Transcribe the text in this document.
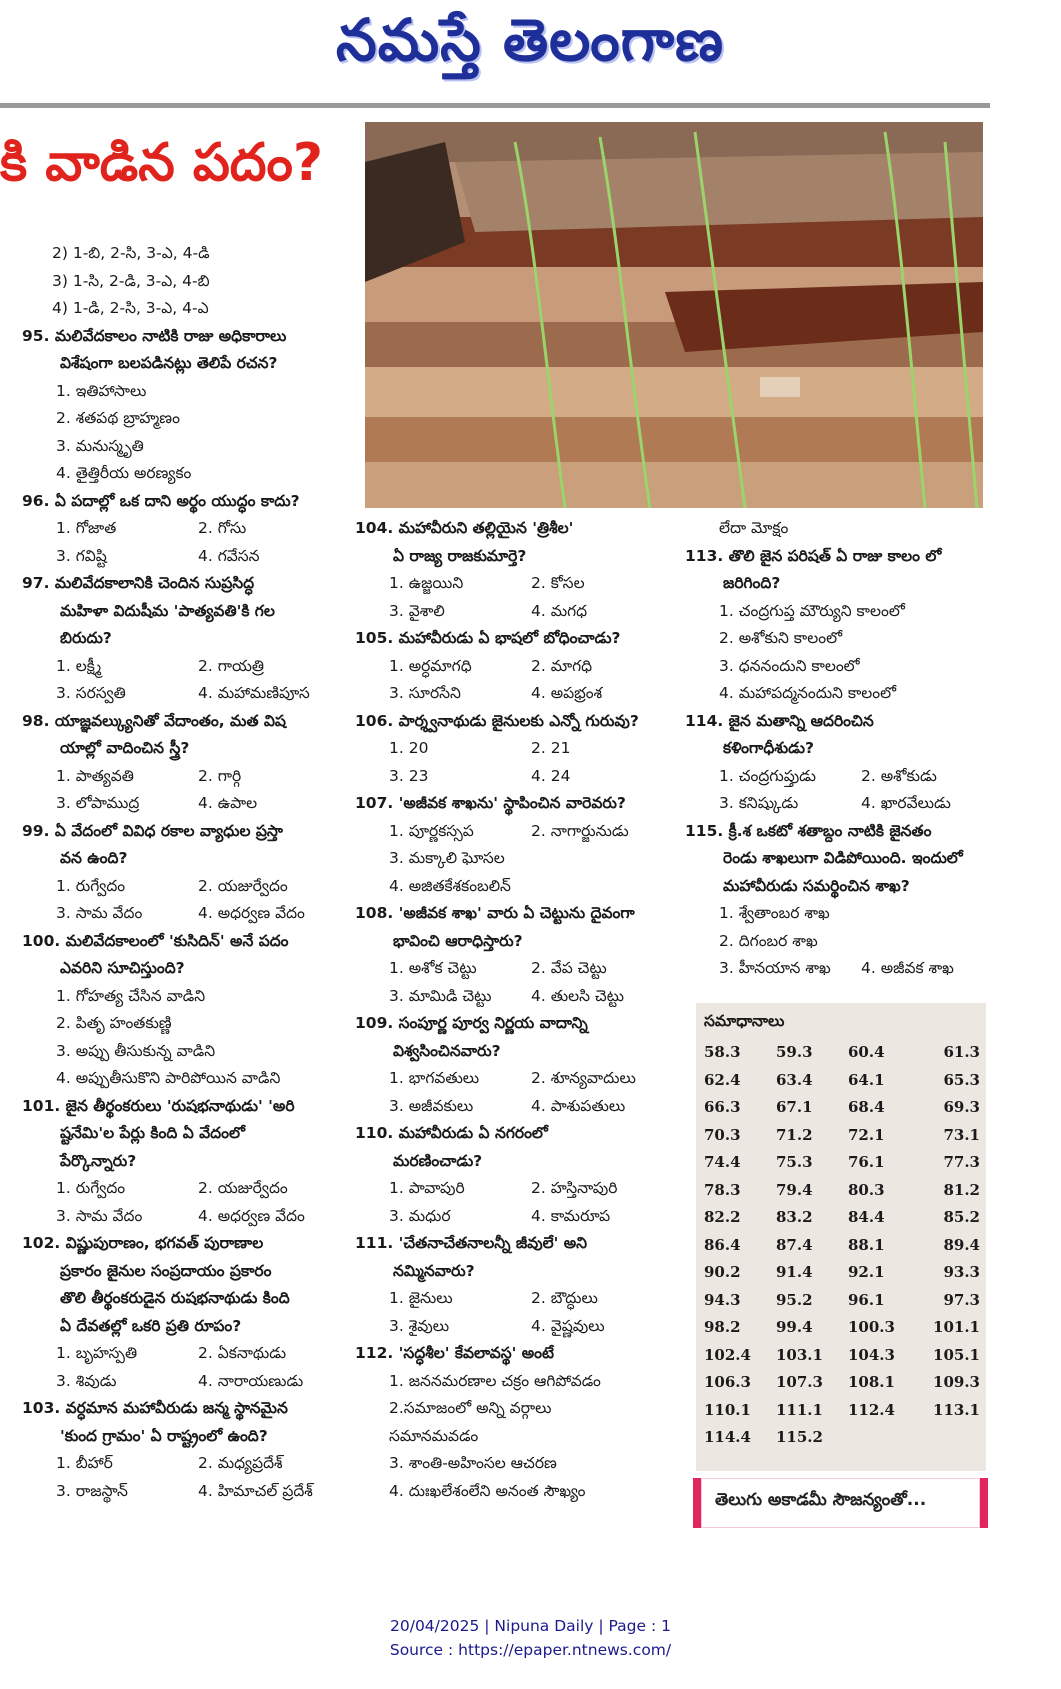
నమస్తే తెలంగాణ
కి వాడిన పదం?
2) 1-బి, 2-సి, 3-ఎ, 4-డి
3) 1-సి, 2-డి, 3-ఎ, 4-బి
4) 1-డి, 2-సి, 3-ఎ, 4-ఎ
95. మలివేదకాలం నాటికి రాజు అధికారాలు
విశేషంగా బలపడినట్లు తెలిపే రచన?
1. ఇతిహాసాలు
2. శతపథ బ్రాహ్మణం
3. మనుస్మృతి
4. తైత్తిరీయ అరణ్యకం
96. ఏ పదాల్లో ఒక దాని అర్థం యుద్ధం కాదు?
1. గోజాత	2. గోసు
3. గవిష్టి	4. గవేసన
97. మలివేదకాలానికి చెందిన సుప్రసిద్ధ
మహిళా విదుషీమ 'పాత్యవతి'కి గల
బిరుదు?
1. లక్ష్మీ	2. గాయత్రి
3. సరస్వతి	4. మహామణిపూస
98. యాజ్ఞవల్క్యునితో వేదాంతం, మత విష
యాల్లో వాదించిన స్త్రీ?
1. పాత్యవతి	2. గార్గి
3. లోపాముద్ర	4. ఉపాల
99. ఏ వేదంలో వివిధ రకాల వ్యాధుల ప్రస్తా
వన ఉంది?
1. రుగ్వేదం	2. యజుర్వేదం
3. సామ వేదం	4. అధర్వణ వేదం
100. మలివేదకాలంలో 'కుసిదిన్' అనే పదం
ఎవరిని సూచిస్తుంది?
1. గోహత్య చేసిన వాడిని
2. పితృ హంతకుణ్ణి
3. అప్పు తీసుకున్న వాడిని
4. అప్పుతీసుకొని పారిపోయిన వాడిని
101. జైన తీర్థంకరులు 'రుషభనాథుడు' 'అరి
ష్టనేమి'ల పేర్లు కింది ఏ వేదంలో
పేర్కొన్నారు?
1. రుగ్వేదం	2. యజుర్వేదం
3. సామ వేదం	4. అధర్వణ వేదం
102. విష్ణుపురాణం, భగవత్ పురాణాల
ప్రకారం జైనుల సంప్రదాయం ప్రకారం
తొలి తీర్థంకరుడైన రుషభనాథుడు కింది
ఏ దేవతల్లో ఒకరి ప్రతి రూపం?
1. బృహస్పతి	2. ఏకనాథుడు
3. శివుడు	4. నారాయణుడు
103. వర్ధమాన మహావీరుడు జన్మ స్థానమైన
'కుంద గ్రామం' ఏ రాష్ట్రంలో ఉంది?
1. బీహార్	2. మధ్యప్రదేశ్
3. రాజస్థాన్	4. హిమాచల్ ప్రదేశ్
104. మహావీరుని తల్లియైన 'త్రిశీల'
ఏ రాజ్య రాజకుమార్తె?
1. ఉజ్జయిని	2. కోసల
3. వైశాలి	4. మగధ
105. మహావీరుడు ఏ భాషలో బోధించాడు?
1. అర్ధమాగధి	2. మాగధి
3. సూరసేని	4. అపభ్రంశ
106. పార్శ్వనాథుడు జైనులకు ఎన్నో గురువు?
1. 20	2. 21
3. 23	4. 24
107. 'అజీవక శాఖను' స్థాపించిన వారెవరు?
1. పూర్ణకస్సప	2. నాగార్జునుడు
3. మక్కాలి ఘోసల
4. అజితకేశకంబలిన్
108. 'అజీవక శాఖ' వారు ఏ చెట్టును దైవంగా
భావించి ఆరాధిస్తారు?
1. అశోక చెట్టు	2. వేప చెట్టు
3. మామిడి చెట్టు	4. తులసి చెట్టు
109. సంపూర్ణ పూర్వ నిర్ణయ వాదాన్ని
విశ్వసించినవారు?
1. భాగవతులు	2. శూన్యవాదులు
3. అజీవకులు	4. పాశుపతులు
110. మహావీరుడు ఏ నగరంలో
మరణించాడు?
1. పావాపురి	2. హస్తినాపురి
3. మధుర	4. కామరూప
111. 'చేతనాచేతనాలన్నీ జీవులే' అని
నమ్మినవారు?
1. జైనులు	2. బౌద్ధులు
3. శైవులు	4. వైష్ణవులు
112. 'సద్ధశీల' కేవలావస్థ' అంటే
1. జననమరణాల చక్రం ఆగిపోవడం
2.సమాజంలో అన్ని వర్గాలు
సమానమవడం
3. శాంతి-అహింసల ఆచరణ
4. దుఃఖలేశంలేని అనంత సౌఖ్యం
లేదా మోక్షం
113. తొలి జైన పరిషత్ ఏ రాజు కాలం లో
జరిగింది?
1. చంద్రగుప్త మౌర్యుని కాలంలో
2. అశోకుని కాలంలో
3. ధననందుని కాలంలో
4. మహాపద్మనందుని కాలంలో
114. జైన మతాన్ని ఆదరించిన
కళింగాధీశుడు?
1. చంద్రగుప్తుడు	2. అశోకుడు
3. కనిష్కుడు	4. ఖారవేలుడు
115. క్రీ.శ ఒకటో శతాబ్దం నాటికి జైనతం
రెండు శాఖలుగా విడిపోయింది. ఇందులో
మహావీరుడు సమర్థించిన శాఖ?
1. శ్వేతాంబర శాఖ
2. దిగంబర శాఖ
3. హీనయాన శాఖ 4. అజీవక శాఖ
సమాధానాలు
58.3 59.3 60.4	61.3
62.4 63.4 64.1	65.3
66.3 67.1 68.4	69.3
70.3 71.2 72.1	73.1
74.4 75.3 76.1	77.3
78.3 79.4 80.3	81.2
82.2 83.2 84.4	85.2
86.4 87.4 88.1	89.4
90.2 91.4 92.1	93.3
94.3 95.2 96.1	97.3
98.2 99.4 100.3	101.1
102.4 103.1 104.3	105.1
106.3 107.3 108.1	109.3
110.1 111.1 112.4	113.1
114.4 115.2
తెలుగు అకాడమీ సౌజన్యంతో...
20/04/2025 | Nipuna Daily | Page : 1
Source : https://epaper.ntnews.com/
